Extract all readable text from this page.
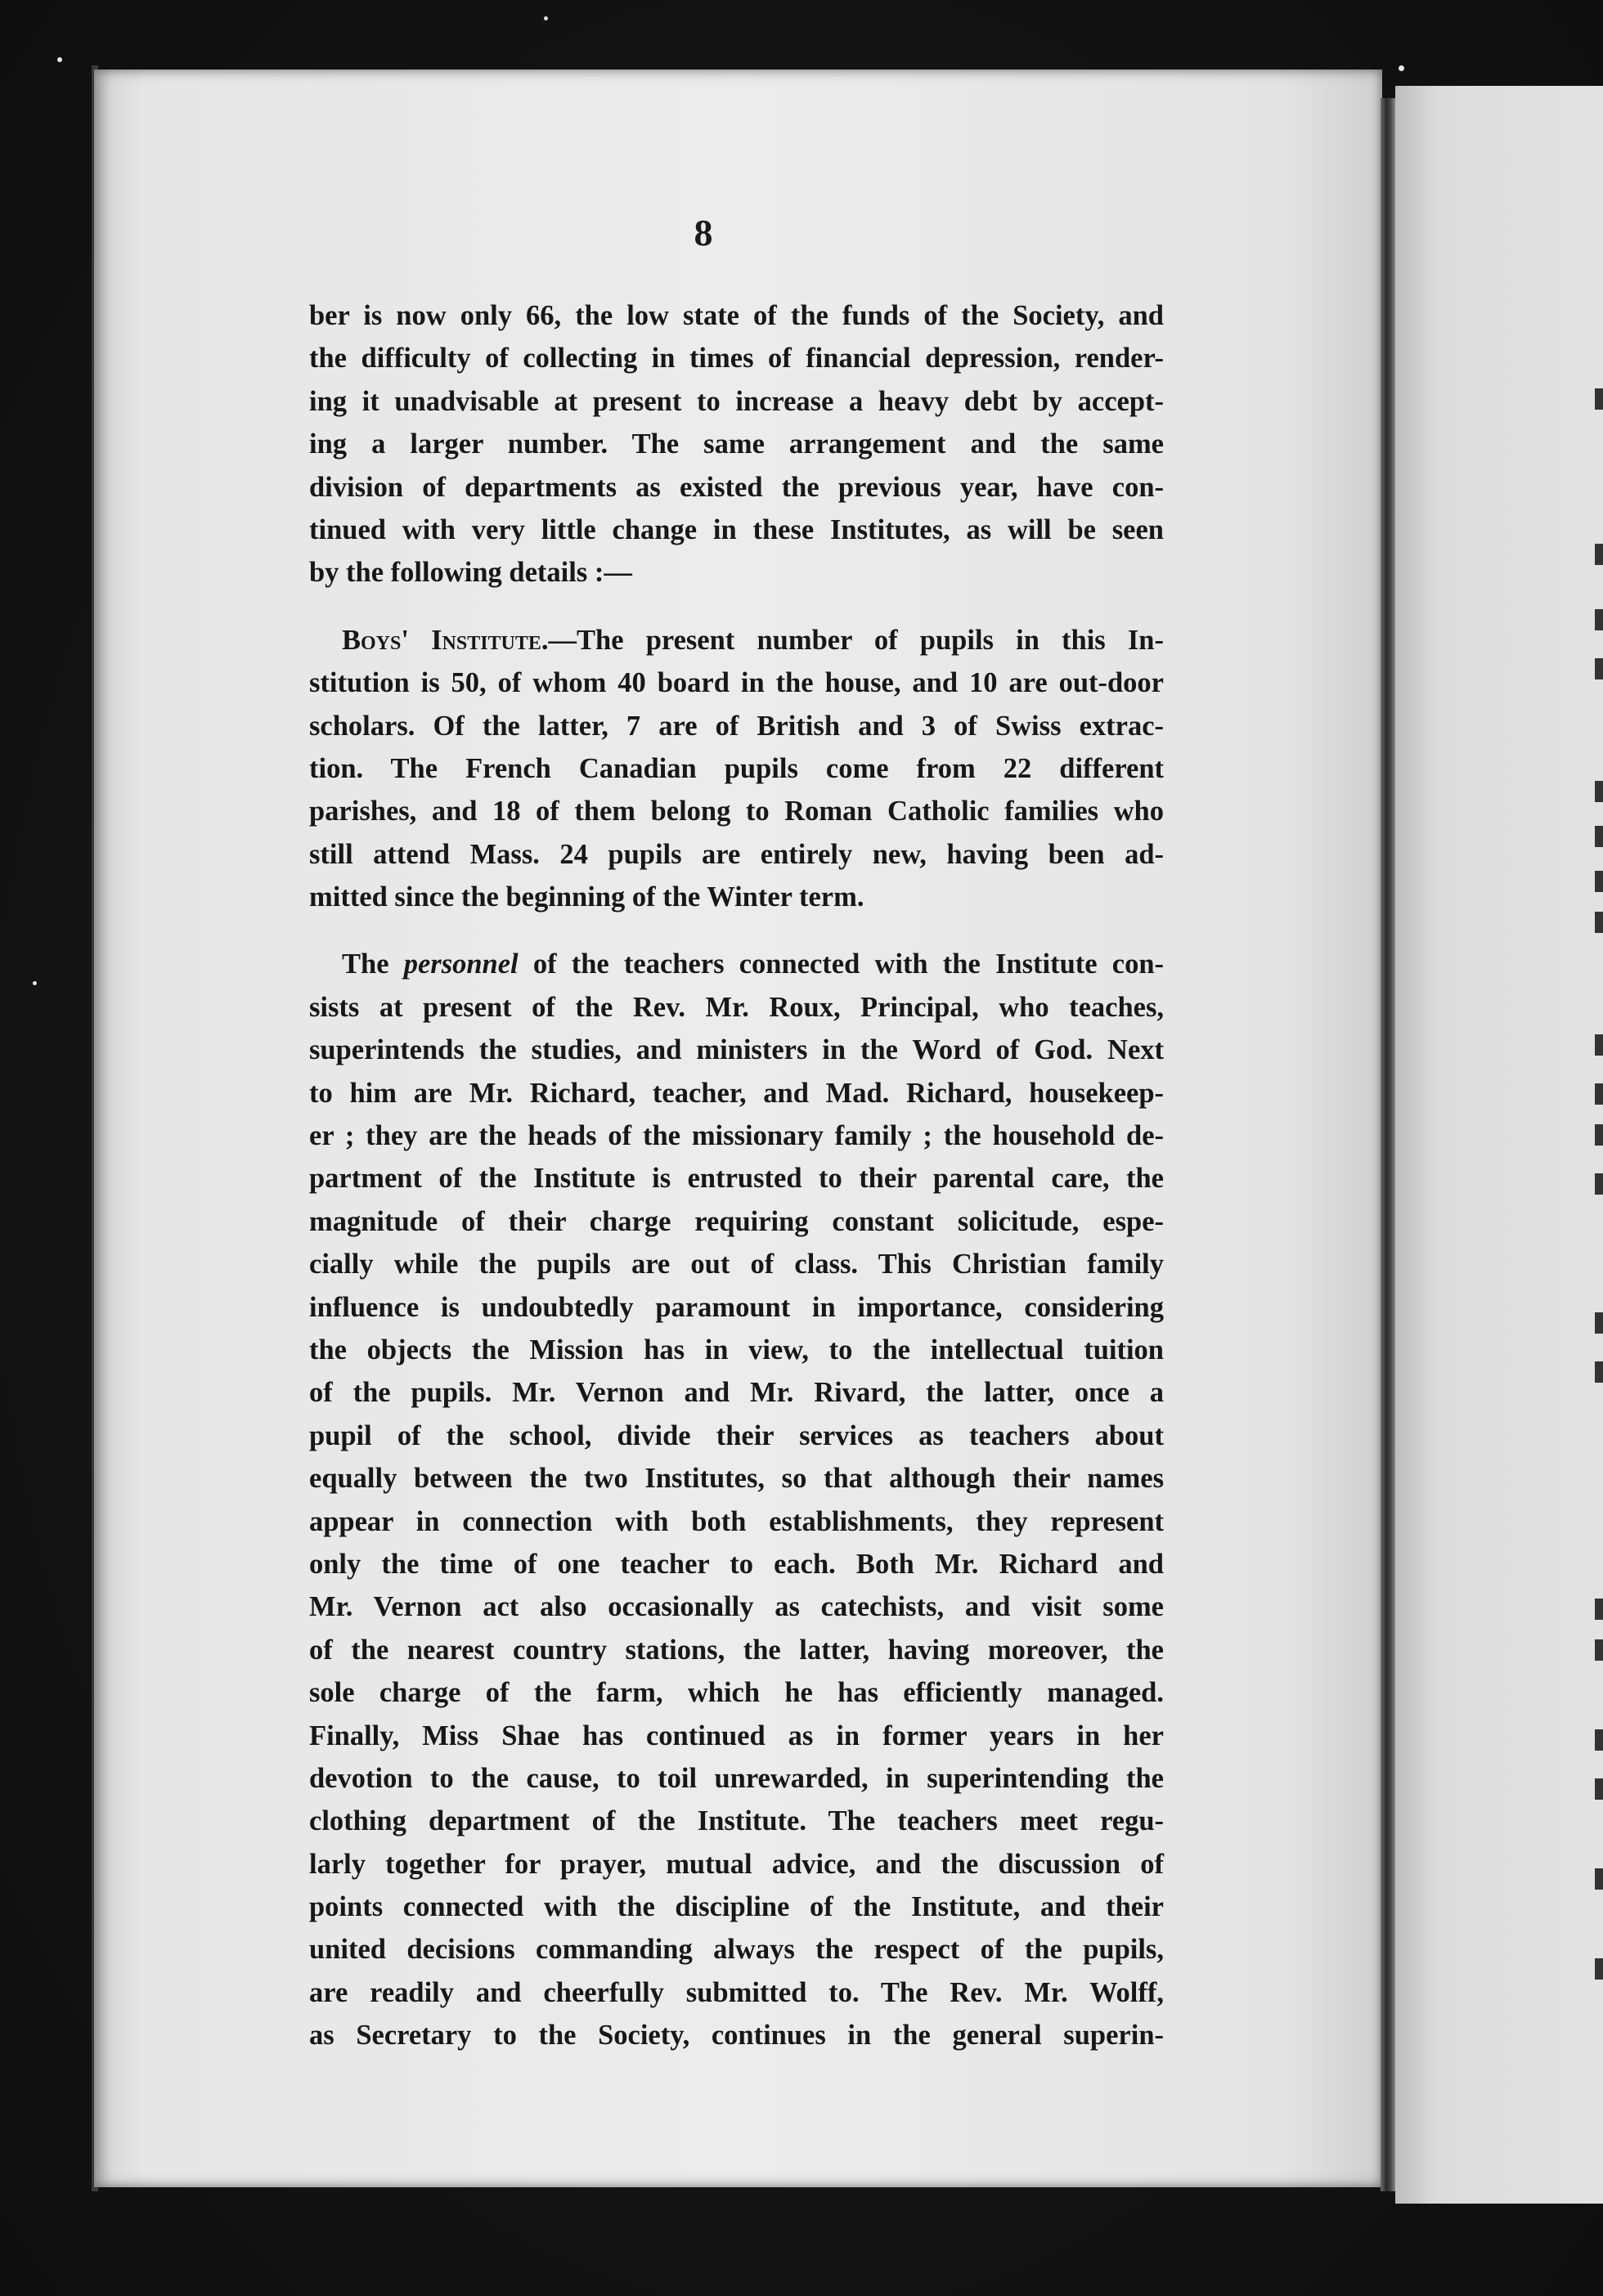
8
ber is now only 66, the low state of the funds of the Society, and
the difficulty of collecting in times of financial depression, render-
ing it unadvisable at present to increase a heavy debt by accept-
ing a larger number. The same arrangement and the same
division of departments as existed the previous year, have con-
tinued with very little change in these Institutes, as will be seen
by the following details :—
Boys' Institute.—The present number of pupils in this In-
stitution is 50, of whom 40 board in the house, and 10 are out-door
scholars. Of the latter, 7 are of British and 3 of Swiss extrac-
tion. The French Canadian pupils come from 22 different
parishes, and 18 of them belong to Roman Catholic families who
still attend Mass. 24 pupils are entirely new, having been ad-
mitted since the beginning of the Winter term.
The personnel of the teachers connected with the Institute con-
sists at present of the Rev. Mr. Roux, Principal, who teaches,
superintends the studies, and ministers in the Word of God. Next
to him are Mr. Richard, teacher, and Mad. Richard, housekeep-
er ; they are the heads of the missionary family ; the household de-
partment of the Institute is entrusted to their parental care, the
magnitude of their charge requiring constant solicitude, espe-
cially while the pupils are out of class. This Christian family
influence is undoubtedly paramount in importance, considering
the objects the Mission has in view, to the intellectual tuition
of the pupils. Mr. Vernon and Mr. Rivard, the latter, once a
pupil of the school, divide their services as teachers about
equally between the two Institutes, so that although their names
appear in connection with both establishments, they represent
only the time of one teacher to each. Both Mr. Richard and
Mr. Vernon act also occasionally as catechists, and visit some
of the nearest country stations, the latter, having moreover, the
sole charge of the farm, which he has efficiently managed.
Finally, Miss Shae has continued as in former years in her
devotion to the cause, to toil unrewarded, in superintending the
clothing department of the Institute. The teachers meet regu-
larly together for prayer, mutual advice, and the discussion of
points connected with the discipline of the Institute, and their
united decisions commanding always the respect of the pupils,
are readily and cheerfully submitted to. The Rev. Mr. Wolff,
as Secretary to the Society, continues in the general superin-
